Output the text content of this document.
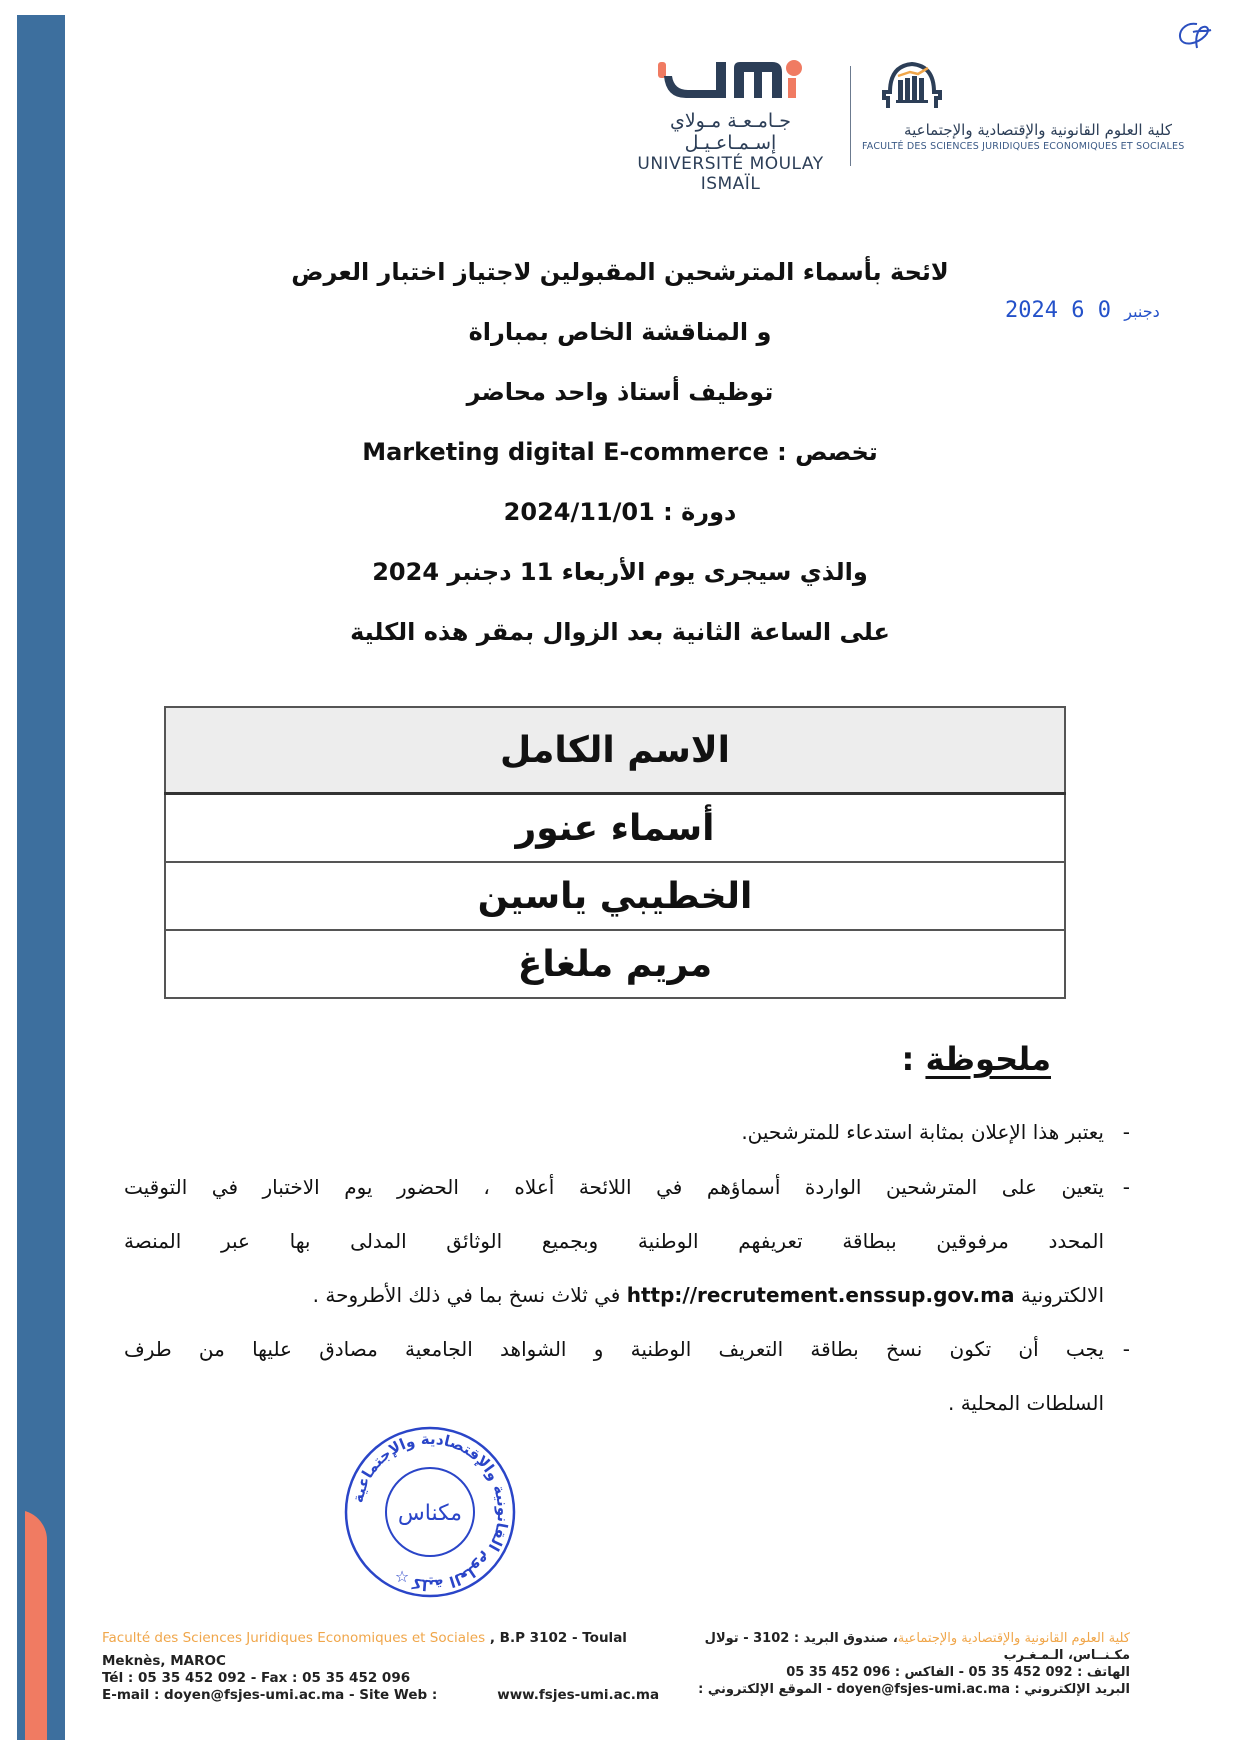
جـامـعـة مـولاي إسـمـاعـيـل
UNIVERSITÉ MOULAY ISMAÏL
كلية العلوم القانونية والإقتصادية والإجتماعية
FACULTÉ DES SCIENCES JURIDIQUES ECONOMIQUES ET SOCIALES
2024	دجنبر 0 6
لائحة بأسماء المترشحين المقبولين لاجتياز اختبار العرض
و المناقشة الخاص بمباراة
توظيف أستاذ واحد محاضر
تخصص : Marketing digital E-commerce
دورة : 2024/11/01
والذي سيجرى يوم الأربعاء 11 دجنبر 2024
على الساعة الثانية بعد الزوال بمقر هذه الكلية
الاسم الكامل
أسماء عنور
الخطيبي ياسين
مريم ملغاغ
ملحوظة :
-
يعتبر هذا الإعلان بمثابة استدعاء للمترشحين.
-
يتعين على المترشحين الواردة أسماؤهم في اللائحة أعلاه ، الحضور يوم الاختبار في التوقيت
المحدد مرفوقين ببطاقة تعريفهم الوطنية وبجميع الوثائق المدلى بها عبر المنصة
الالكترونية http://recrutement.enssup.gov.ma في ثلاث نسخ بما في ذلك الأطروحة .
-
يجب أن تكون نسخ بطاقة التعريف الوطنية و الشواهد الجامعية مصادق عليها من طرف
السلطات المحلية .
كلية العلوم القانونية والإقتصادية والإجتماعية
مكناس
☆
Faculté des Sciences Juridiques Economiques et Sociales , B.P 3102 - Toulal
Meknès, MAROC
Tél : 05 35 452 092 - Fax : 05 35 452 096
E-mail : doyen@fsjes-umi.ac.ma - Site Web :	www.fsjes-umi.ac.ma
كلية العلوم القانونية والإقتصادية والإجتماعية، صندوق البريد : 3102 - تولال
مكـنــاس، الـمـغـرب
الهاتف : 092 452 35 05 - الفاكس : 096 452 35 05
البريد الإلكتروني : doyen@fsjes-umi.ac.ma - الموقع الإلكتروني :
